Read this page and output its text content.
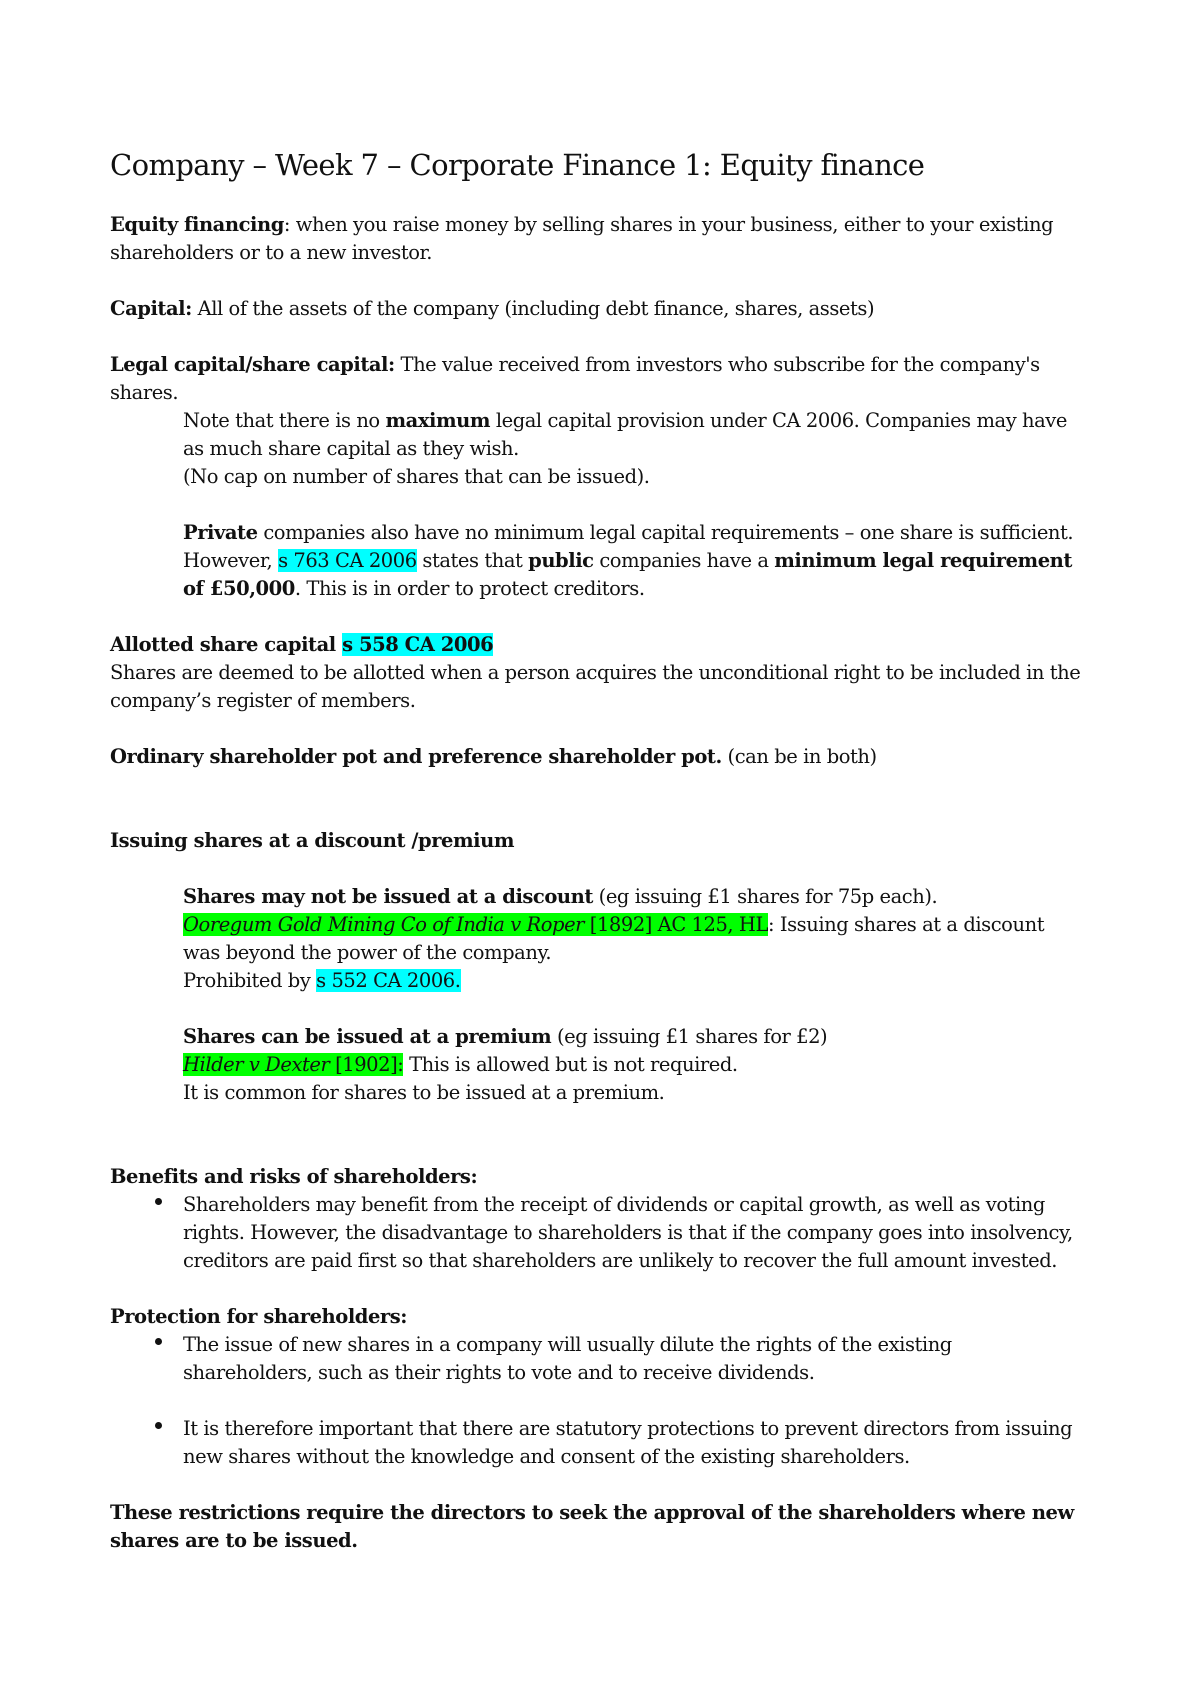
Company – Week 7 – Corporate Finance 1: Equity finance
Equity financing: when you raise money by selling shares in your business, either to your existing
shareholders or to a new investor.
Capital: All of the assets of the company (including debt finance, shares, assets)
Legal capital/share capital: The value received from investors who subscribe for the company's
shares.
Note that there is no maximum legal capital provision under CA 2006. Companies may have
as much share capital as they wish.
(No cap on number of shares that can be issued).
Private companies also have no minimum legal capital requirements – one share is sufficient.
However, s 763 CA 2006 states that public companies have a minimum legal requirement
of £50,000. This is in order to protect creditors.
Allotted share capital s 558 CA 2006
Shares are deemed to be allotted when a person acquires the unconditional right to be included in the
company’s register of members.
Ordinary shareholder pot and preference shareholder pot. (can be in both)
Issuing shares at a discount /premium
Shares may not be issued at a discount (eg issuing £1 shares for 75p each).
Ooregum Gold Mining Co of India v Roper [1892] AC 125, HL: Issuing shares at a discount
was beyond the power of the company.
Prohibited by s 552 CA 2006.
Shares can be issued at a premium (eg issuing £1 shares for £2)
Hilder v Dexter [1902]: This is allowed but is not required.
It is common for shares to be issued at a premium.
Benefits and risks of shareholders:
Shareholders may benefit from the receipt of dividends or capital growth, as well as voting
rights. However, the disadvantage to shareholders is that if the company goes into insolvency,
creditors are paid first so that shareholders are unlikely to recover the full amount invested.
Protection for shareholders:
The issue of new shares in a company will usually dilute the rights of the existing
shareholders, such as their rights to vote and to receive dividends.
It is therefore important that there are statutory protections to prevent directors from issuing
new shares without the knowledge and consent of the existing shareholders.
These restrictions require the directors to seek the approval of the shareholders where new
shares are to be issued.
